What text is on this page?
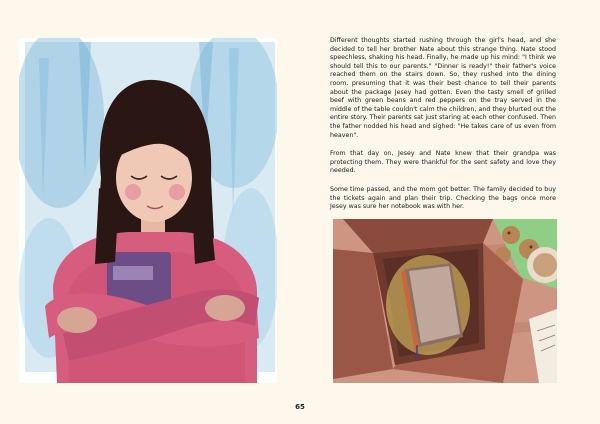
Different thoughts started rushing through the girl's head, and she decided to tell her brother Nate about this strange thing. Nate stood speechless, shaking his head. Finally, he made up his mind: "I think we should tell this to our parents." "Dinner is ready!" their father's voice reached them on the stairs down. So, they rushed into the dining room, presuming that it was their best chance to tell their parents about the package Jesey had gotten. Even the tasty smell of grilled beef with green beans and red peppers on the tray served in the middle of the table couldn't calm the children, and they blurted out the entire story. Their parents sat just staring at each other confused. Then the father nodded his head and sighed: "He takes care of us even from heaven".

From that day on, Jesey and Nate knew that their grandpa was protecting them. They were thankful for the sent safety and love they needed.

Some time passed, and the mom got better. The family decided to buy the tickets again and plan their trip. Checking the bags once more Jesey was sure her notebook was with her.

65
